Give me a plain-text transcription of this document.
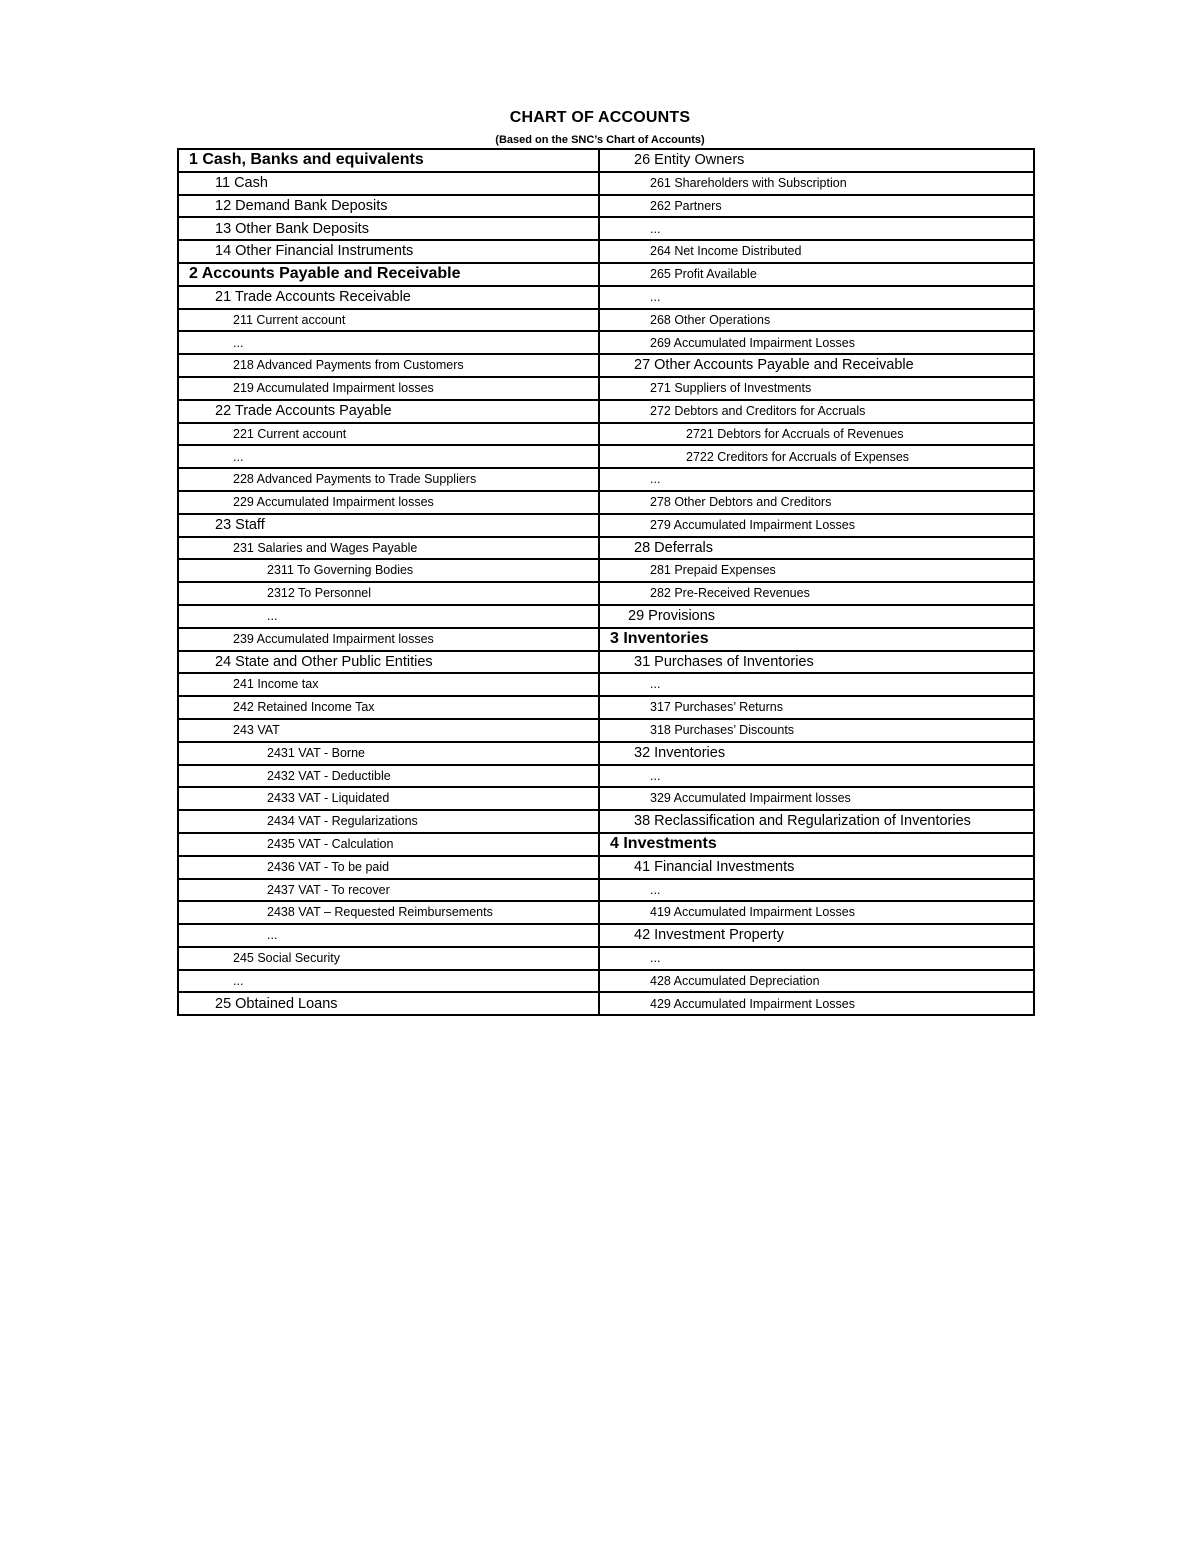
CHART OF ACCOUNTS
(Based on the SNC’s Chart of Accounts)
1 Cash, Banks and equivalents	26 Entity Owners
11 Cash	261 Shareholders with Subscription
12 Demand Bank Deposits	262 Partners
13 Other Bank Deposits	...
14 Other Financial Instruments	264 Net Income Distributed
2 Accounts Payable and Receivable	265 Profit Available
21 Trade Accounts Receivable	...
211 Current account	268 Other Operations
...	269 Accumulated Impairment Losses
218 Advanced Payments from Customers	27 Other Accounts Payable and Receivable
219 Accumulated Impairment losses	271 Suppliers of Investments
22 Trade Accounts Payable	272 Debtors and Creditors for Accruals
221 Current account	2721 Debtors for Accruals of Revenues
...	2722 Creditors for Accruals of Expenses
228 Advanced Payments to Trade Suppliers	...
229 Accumulated Impairment losses	278 Other Debtors and Creditors
23 Staff	279 Accumulated Impairment Losses
231 Salaries and Wages Payable	28 Deferrals
2311 To Governing Bodies	281 Prepaid Expenses
2312 To Personnel	282 Pre-Received Revenues
...	29 Provisions
239 Accumulated Impairment losses	3 Inventories
24 State and Other Public Entities	31 Purchases of Inventories
241 Income tax	...
242 Retained Income Tax	317 Purchases’ Returns
243 VAT	318 Purchases’ Discounts
2431 VAT - Borne	32 Inventories
2432 VAT - Deductible	...
2433 VAT - Liquidated	329 Accumulated Impairment losses
2434 VAT - Regularizations	38 Reclassification and Regularization of Inventories
2435 VAT - Calculation	4 Investments
2436 VAT - To be paid	41 Financial Investments
2437 VAT - To recover	...
2438 VAT – Requested Reimbursements	419 Accumulated Impairment Losses
...	42 Investment Property
245 Social Security	...
...	428 Accumulated Depreciation
25 Obtained Loans	429 Accumulated Impairment Losses
